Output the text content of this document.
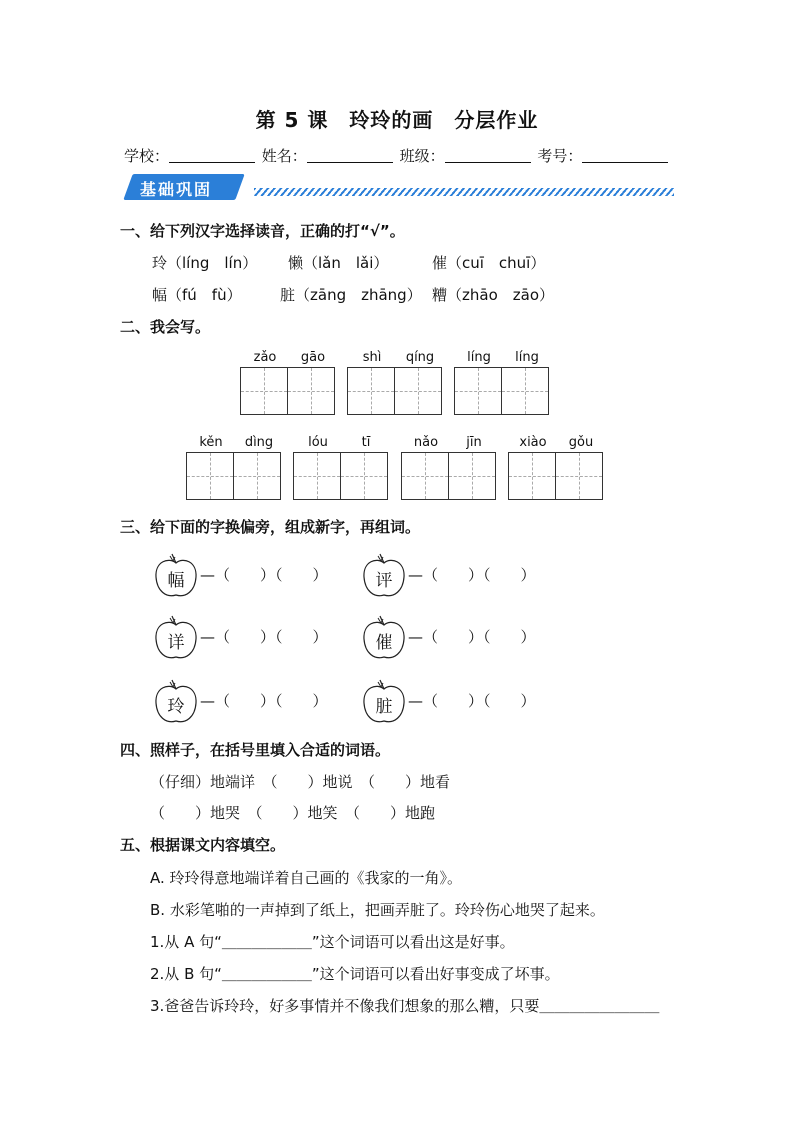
第 5 课　玲玲的画　分层作业
学校：	姓名：	班级：	考号：
基础巩固
一、给下列汉字选择读音，正确的打“√”。
玲（líng　lín） 懒（lǎn　lǎi）	催（cuī　chuī）
幅（fú　fù）	脏（zāng　zhāng） 糟（zhāo　zāo）
二、我会写。
zǎo	gāo	shì	qíng	líng	líng
kěn	dìng	lóu	tī	nǎo	jīn	xiào	gǒu
三、给下面的字换偏旁，组成新字，再组词。
幅	—（　　）（　　）	评	—（　　）（　　）
详	—（　　）（　　）	催	—（　　）（　　）
玲	—（　　）（　　）	脏	—（　　）（　　）
四、照样子，在括号里填入合适的词语。
（仔细）地端详　（　　）地说　（　　）地看
（　　）地哭　（　　）地笑　（　　）地跑
五、根据课文内容填空。
A. 玲玲得意地端详着自己画的《我家的一角》。
B. 水彩笔啪的一声掉到了纸上，把画弄脏了。玲玲伤心地哭了起来。
1.从 A 句“＿＿＿＿＿＿”这个词语可以看出这是好事。
2.从 B 句“＿＿＿＿＿＿”这个词语可以看出好事变成了坏事。
3.爸爸告诉玲玲，好多事情并不像我们想象的那么糟，只要＿＿＿＿＿＿＿＿
